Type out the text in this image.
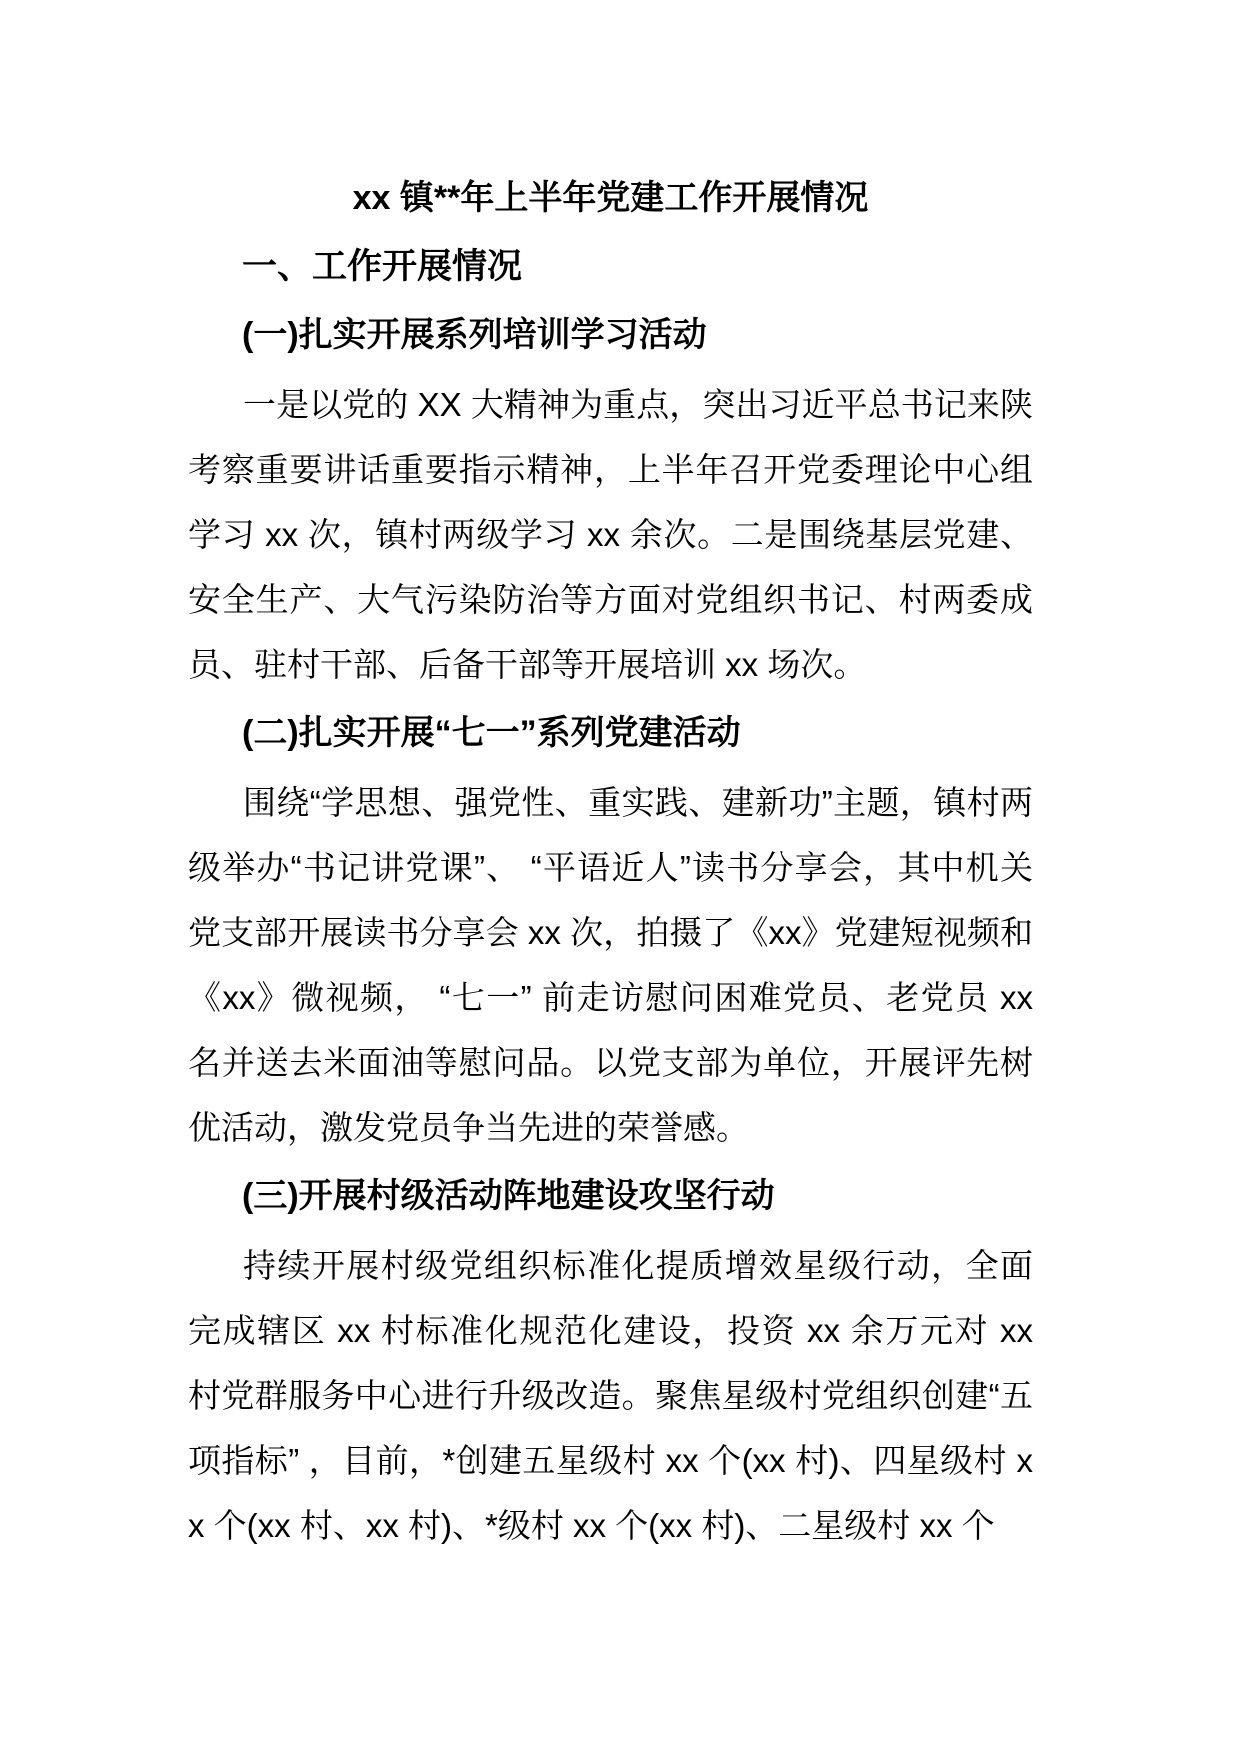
xx 镇**年上半年党建工作开展情况
一、工作开展情况
(一)扎实开展系列培训学习活动
一是以党的 XX 大精神为重点，突出习近平总书记来陕考察重要讲话重要指示精神，上半年召开党委理论中心组学习 xx 次，镇村两级学习 xx 余次。二是围绕基层党建、安全生产、大气污染防治等方面对党组织书记、村两委成员、驻村干部、后备干部等开展培训 xx 场次。
(二)扎实开展“七一”系列党建活动
围绕“学思想、强党性、重实践、建新功”主题，镇村两级举办“书记讲党课”、 “平语近人”读书分享会，其中机关党支部开展读书分享会 xx 次，拍摄了《xx》党建短视频和《xx》微视频， “七一” 前走访慰问困难党员、老党员 xx 名并送去米面油等慰问品。以党支部为单位，开展评先树优活动，激发党员争当先进的荣誉感。
(三)开展村级活动阵地建设攻坚行动
持续开展村级党组织标准化提质增效星级行动，全面完成辖区 xx 村标准化规范化建设，投资 xx 余万元对 xx 村党群服务中心进行升级改造。聚焦星级村党组织创建“五项指标” ，目前，*创建五星级村 xx 个(xx 村)、四星级村 xx 个(xx 村、xx 村)、*级村 xx 个(xx 村)、二星级村 xx 个
